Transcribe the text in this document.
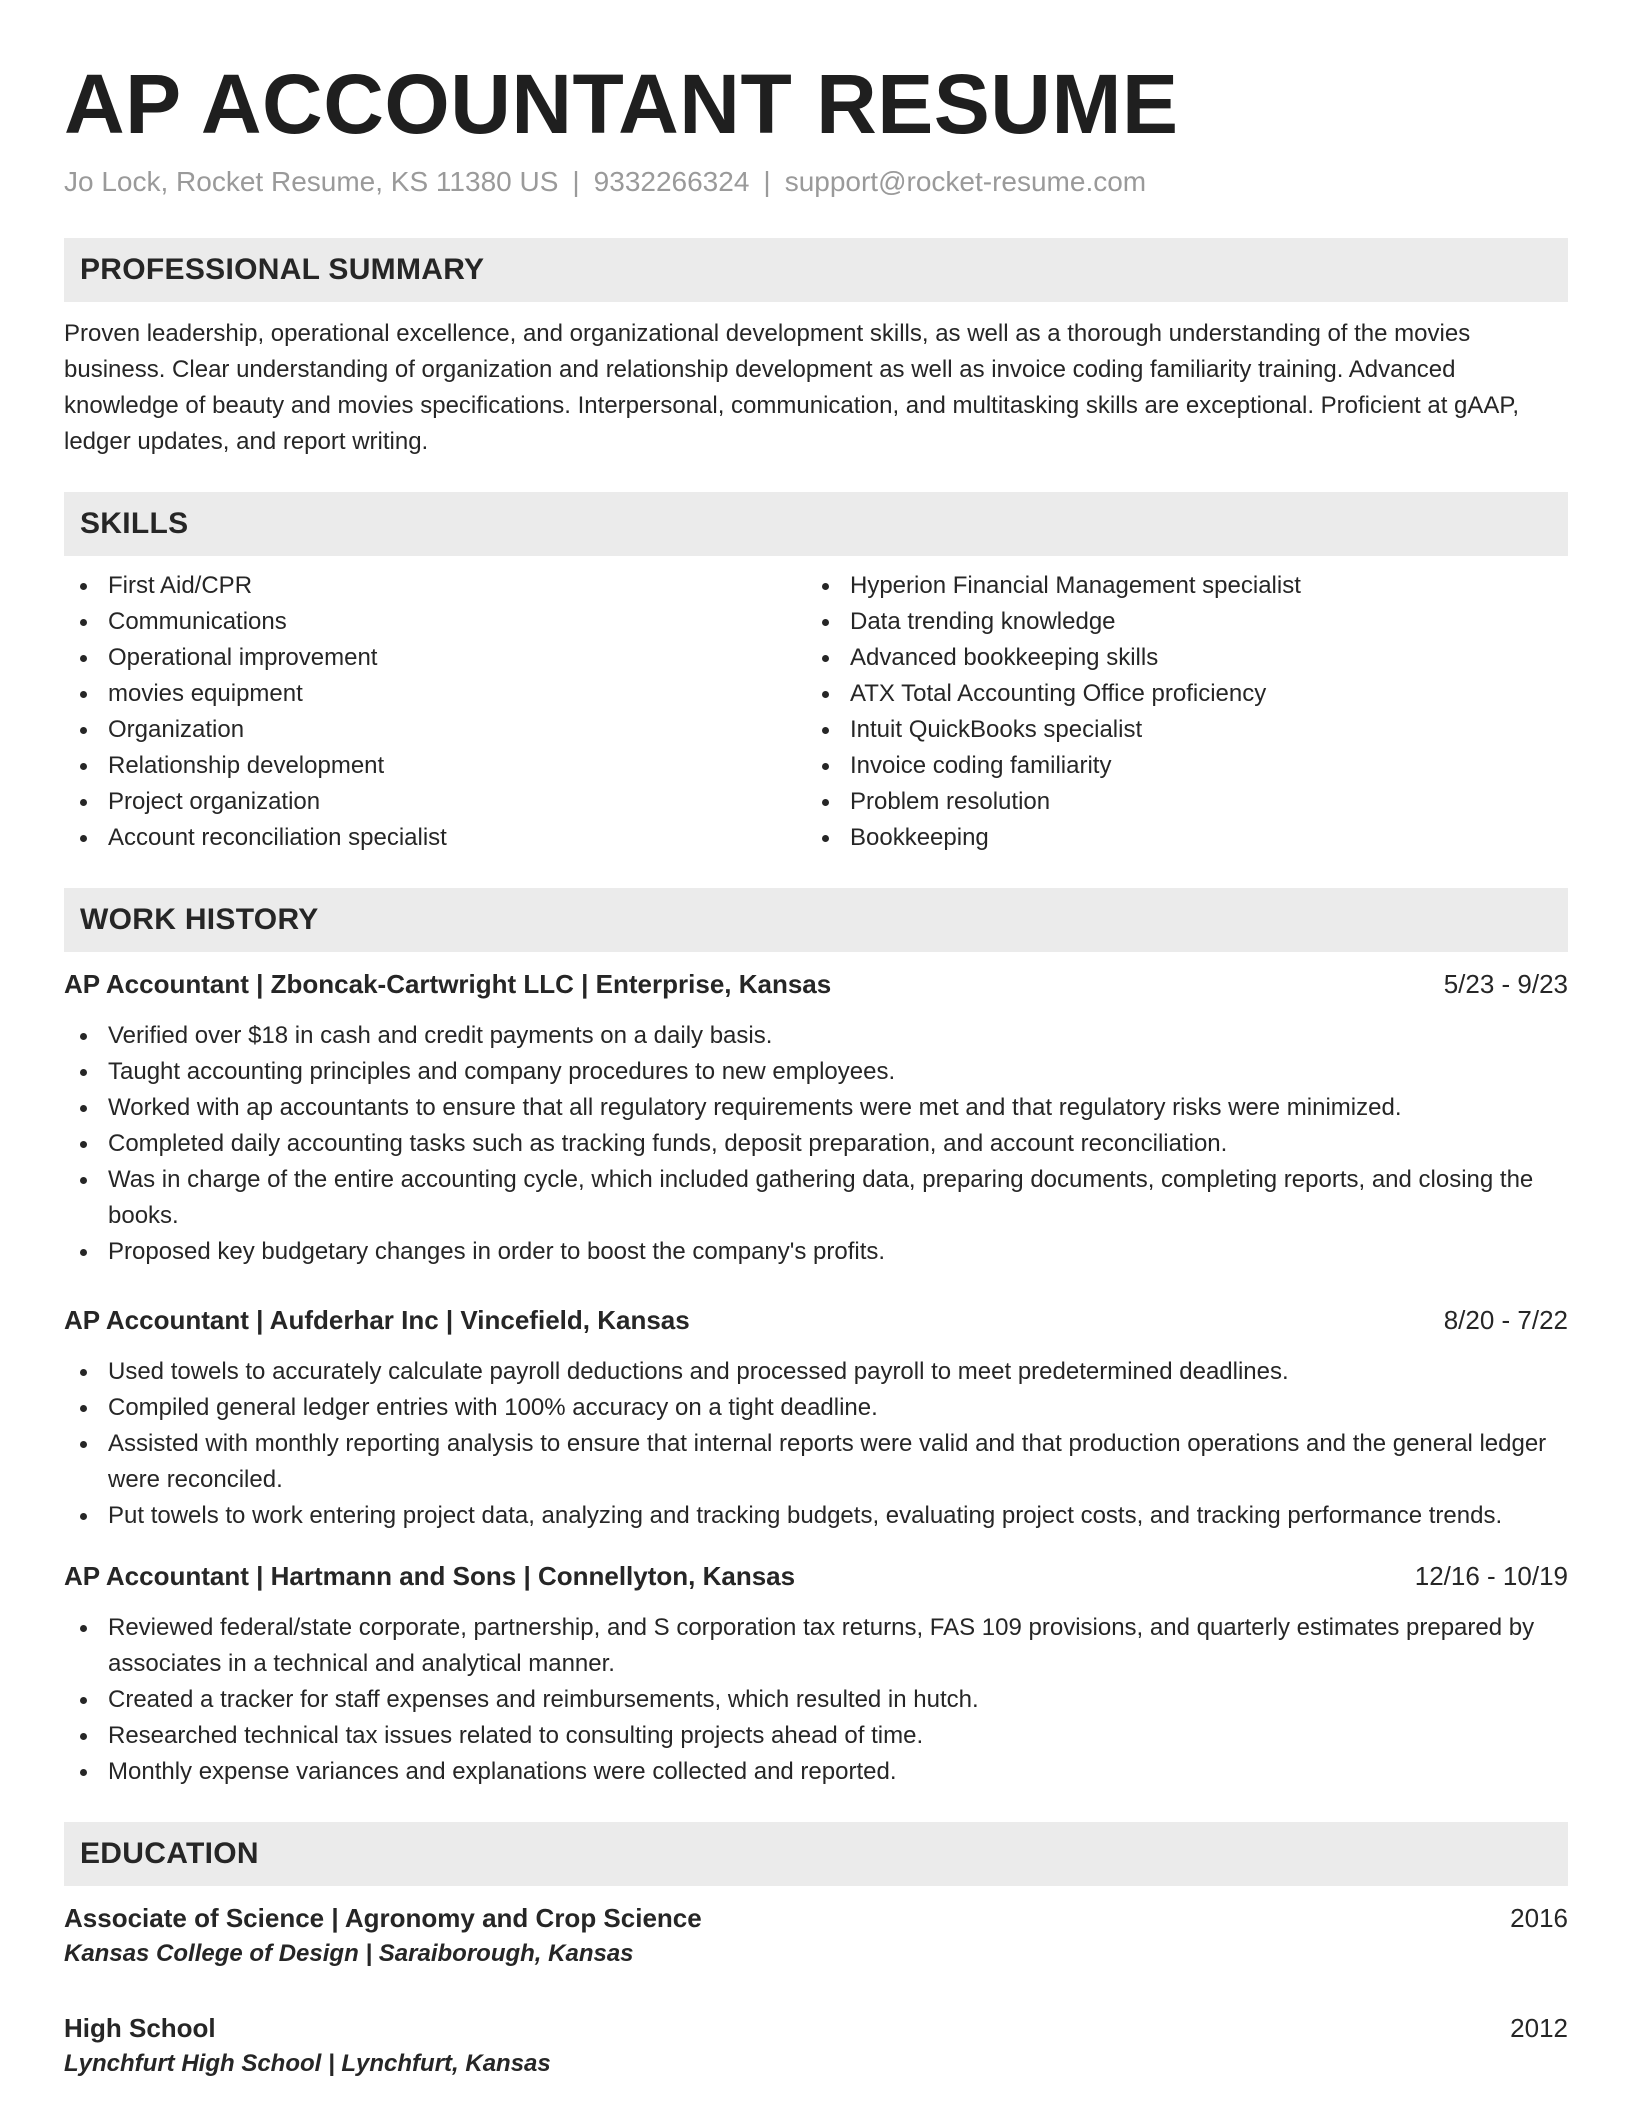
AP ACCOUNTANT RESUME
Jo Lock, Rocket Resume, KS 11380 US | 9332266324 | support@rocket-resume.com
PROFESSIONAL SUMMARY
Proven leadership, operational excellence, and organizational development skills, as well as a thorough understanding of the movies business. Clear understanding of organization and relationship development as well as invoice coding familiarity training. Advanced knowledge of beauty and movies specifications. Interpersonal, communication, and multitasking skills are exceptional. Proficient at gAAP, ledger updates, and report writing.
SKILLS
First Aid/CPR
Communications
Operational improvement
movies equipment
Organization
Relationship development
Project organization
Account reconciliation specialist
Hyperion Financial Management specialist
Data trending knowledge
Advanced bookkeeping skills
ATX Total Accounting Office proficiency
Intuit QuickBooks specialist
Invoice coding familiarity
Problem resolution
Bookkeeping
WORK HISTORY
AP Accountant | Zboncak-Cartwright LLC | Enterprise, Kansas	5/23 - 9/23
Verified over $18 in cash and credit payments on a daily basis.
Taught accounting principles and company procedures to new employees.
Worked with ap accountants to ensure that all regulatory requirements were met and that regulatory risks were minimized.
Completed daily accounting tasks such as tracking funds, deposit preparation, and account reconciliation.
Was in charge of the entire accounting cycle, which included gathering data, preparing documents, completing reports, and closing the books.
Proposed key budgetary changes in order to boost the company's profits.
AP Accountant | Aufderhar Inc | Vincefield, Kansas	8/20 - 7/22
Used towels to accurately calculate payroll deductions and processed payroll to meet predetermined deadlines.
Compiled general ledger entries with 100% accuracy on a tight deadline.
Assisted with monthly reporting analysis to ensure that internal reports were valid and that production operations and the general ledger were reconciled.
Put towels to work entering project data, analyzing and tracking budgets, evaluating project costs, and tracking performance trends.
AP Accountant | Hartmann and Sons | Connellyton, Kansas	12/16 - 10/19
Reviewed federal/state corporate, partnership, and S corporation tax returns, FAS 109 provisions, and quarterly estimates prepared by associates in a technical and analytical manner.
Created a tracker for staff expenses and reimbursements, which resulted in hutch.
Researched technical tax issues related to consulting projects ahead of time.
Monthly expense variances and explanations were collected and reported.
EDUCATION
Associate of Science | Agronomy and Crop Science	2016
Kansas College of Design | Saraiborough, Kansas
High School	2012
Lynchfurt High School | Lynchfurt, Kansas
